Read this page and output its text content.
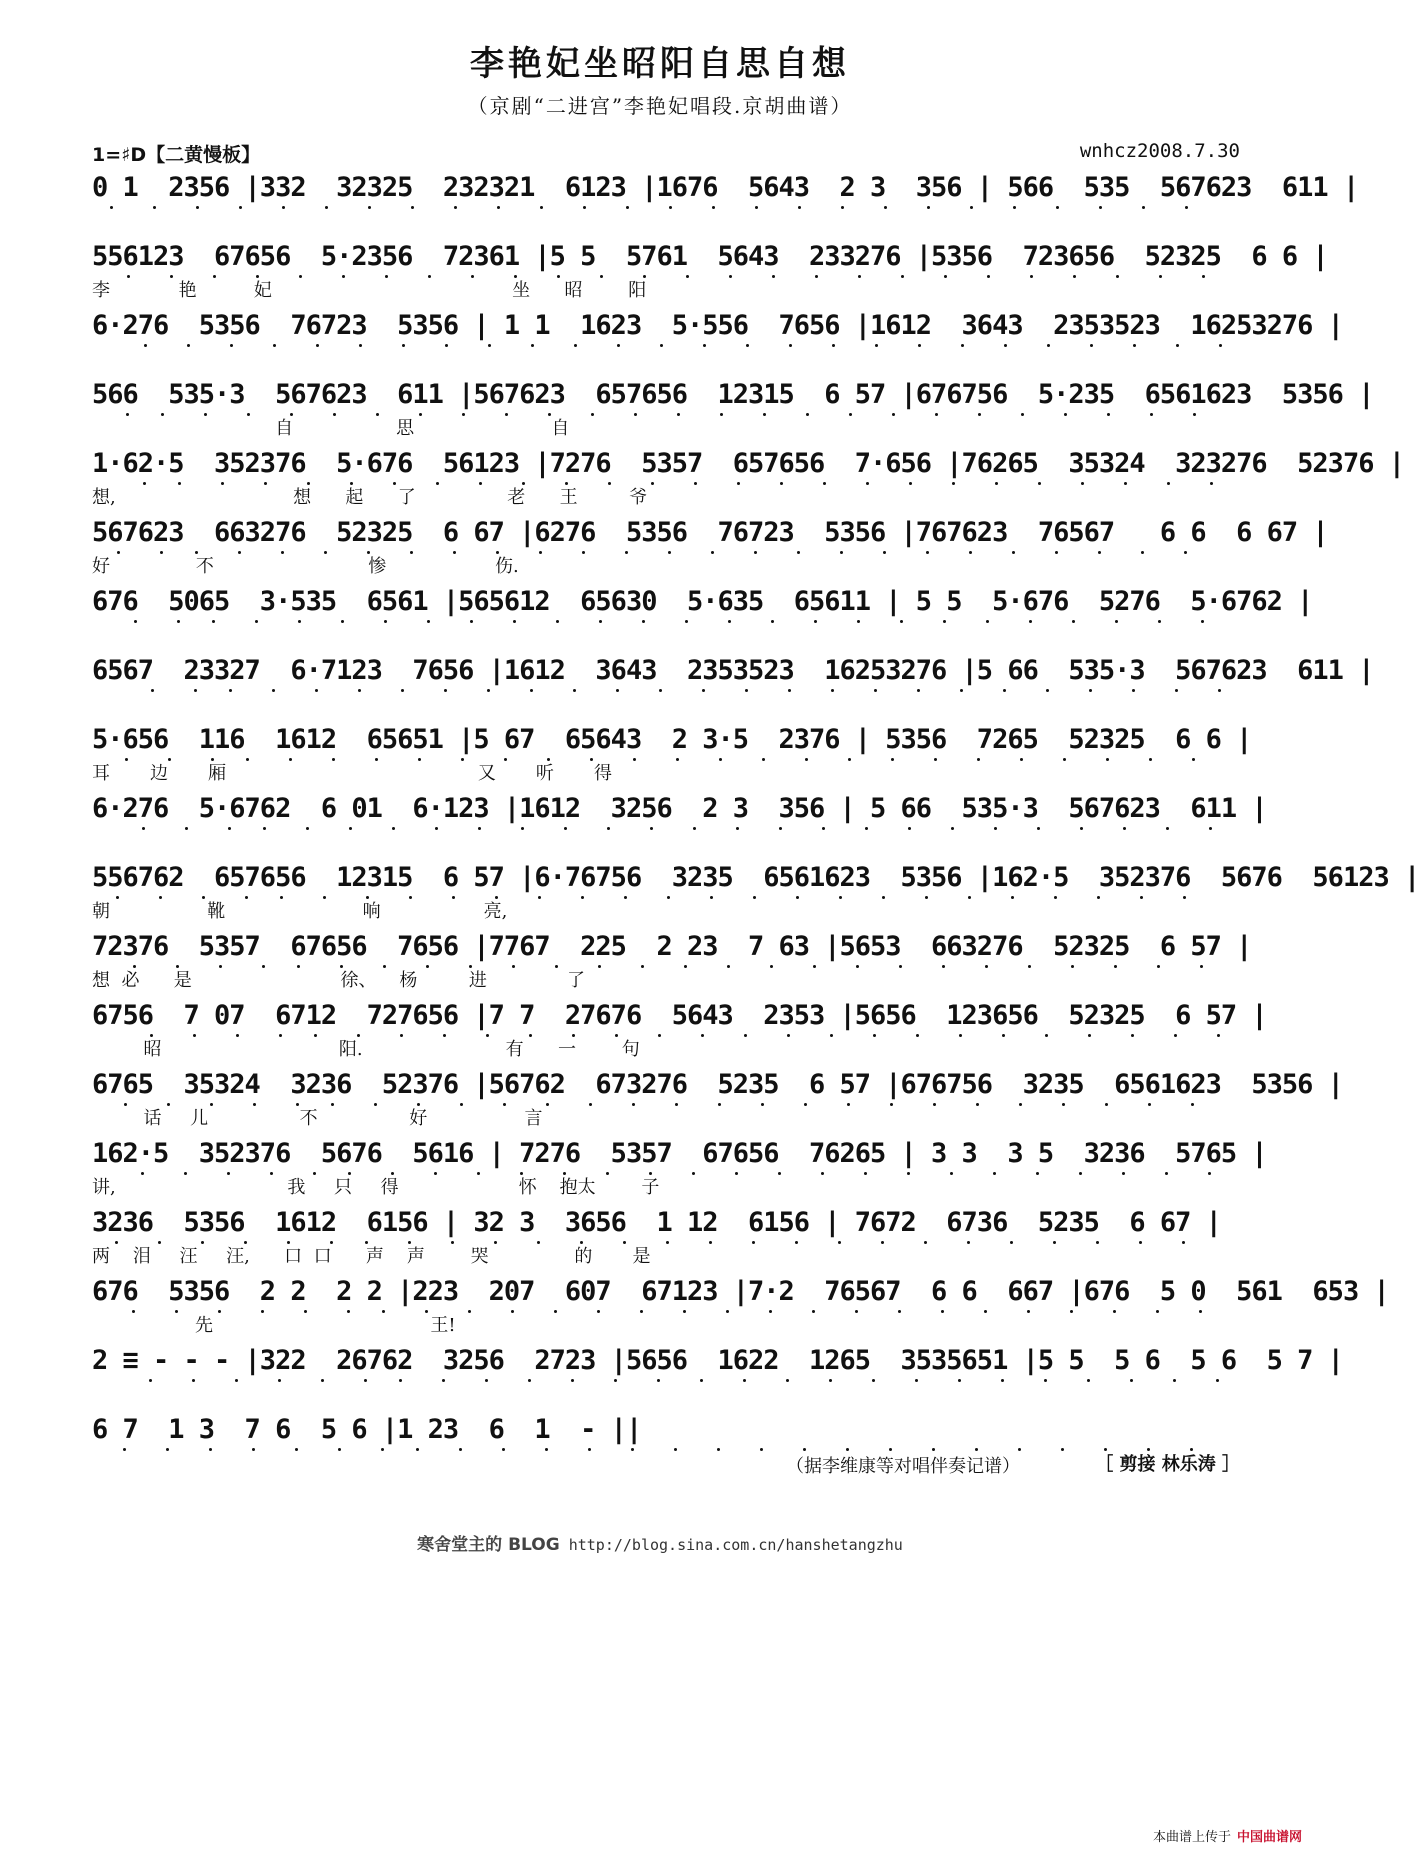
李艳妃坐昭阳自思自想
（京剧“二进宫”李艳妃唱段.京胡曲谱）
1=♯D【二黄慢板】	wnhcz2008.7.30
0 1  2356 |332  32325  232321  6123 |1676  5643  2 3  356 | 566  535  567623  611 |
556123  67656  5·2356  72361 |5 5  5761  5643  233276 |5356  723656  52325  6 6 |
李            艳          妃                                          坐      昭        阳
6·276  5356  76723  5356 | 1 1  1623  5·556  7656 |1612  3643  2353523  16253276 |
566  535·3  567623  611 |567623  657656  12315  6 57 |676756  5·235  6561623  5356 |
自                  思                        自
1·62·5  352376  5·676  56123 |7276  5357  657656  7·656 |76265  35324  323276  52376 |
想,                               想      起      了                老      王         爷
567623  663276  52325  6 67 |6276  5356  76723  5356 |767623  76567   6 6  6 67 |
好               不                           惨                   伤.
676  5065  3·535  6561 |565612  65630  5·635  65611 | 5 5  5·676  5276  5·6762 |
6567  23327  6·7123  7656 |1612  3643  2353523  16253276 |5 66  535·3  567623  611 |
5·656  116  1612  65651 |5 67  65643  2 3·5  2376 | 5356  7265  52325  6 6 |
耳       边       厢                                            又       听       得
6·276  5·6762  6 01  6·123 |1612  3256  2 3  356 | 5 66  535·3  567623  611 |
556762  657656  12315  6 57 |6·76756  3235  6561623  5356 |162·5  352376  5676  56123 |
朝                 靴                        响                  亮,
72376  5357  67656  7656 |7767  225  2 23  7 63 |5653  663276  52325  6 57 |
想  必      是                          徐、    杨         进              了
6756  7 07  6712  727656 |7 7  27676  5643  2353 |5656  123656  52325  6 57 |
昭                               阳.                         有      一        句
6765  35324  3236  52376 |56762  673276  5235  6 57 |676756  3235  6561623  5356 |
话     儿                不                好                 言
162·5  352376  5676  5616 | 7276  5357  67656  76265 | 3 3  3 5  3236  5765 |
讲,                              我     只     得                     怀    抱太        子
3236  5356  1612  6156 | 32 3  3656  1 12  6156 | 7672  6736  5235  6 67 |
两    泪     汪     汪,      口  口      声    声        哭               的       是
676  5356  2 2  2 2 |223  207  607  67123 |7·2  76567  6 6  667 |676  5 0  561  653 |
先                                      王!
2 ≡ - - - |322  26762  3256  2723 |5656  1622  1265  3535651 |5 5  5 6  5 6  5 7 |
6 7  1 3  7 6  5 6 |1 23  6  1  - ||
（据李维康等对唱伴奏记谱）	［ 剪接 林乐涛 ］
寒舍堂主的 BLOG http://blog.sina.com.cn/hanshetangzhu
本曲谱上传于 中国曲谱网
